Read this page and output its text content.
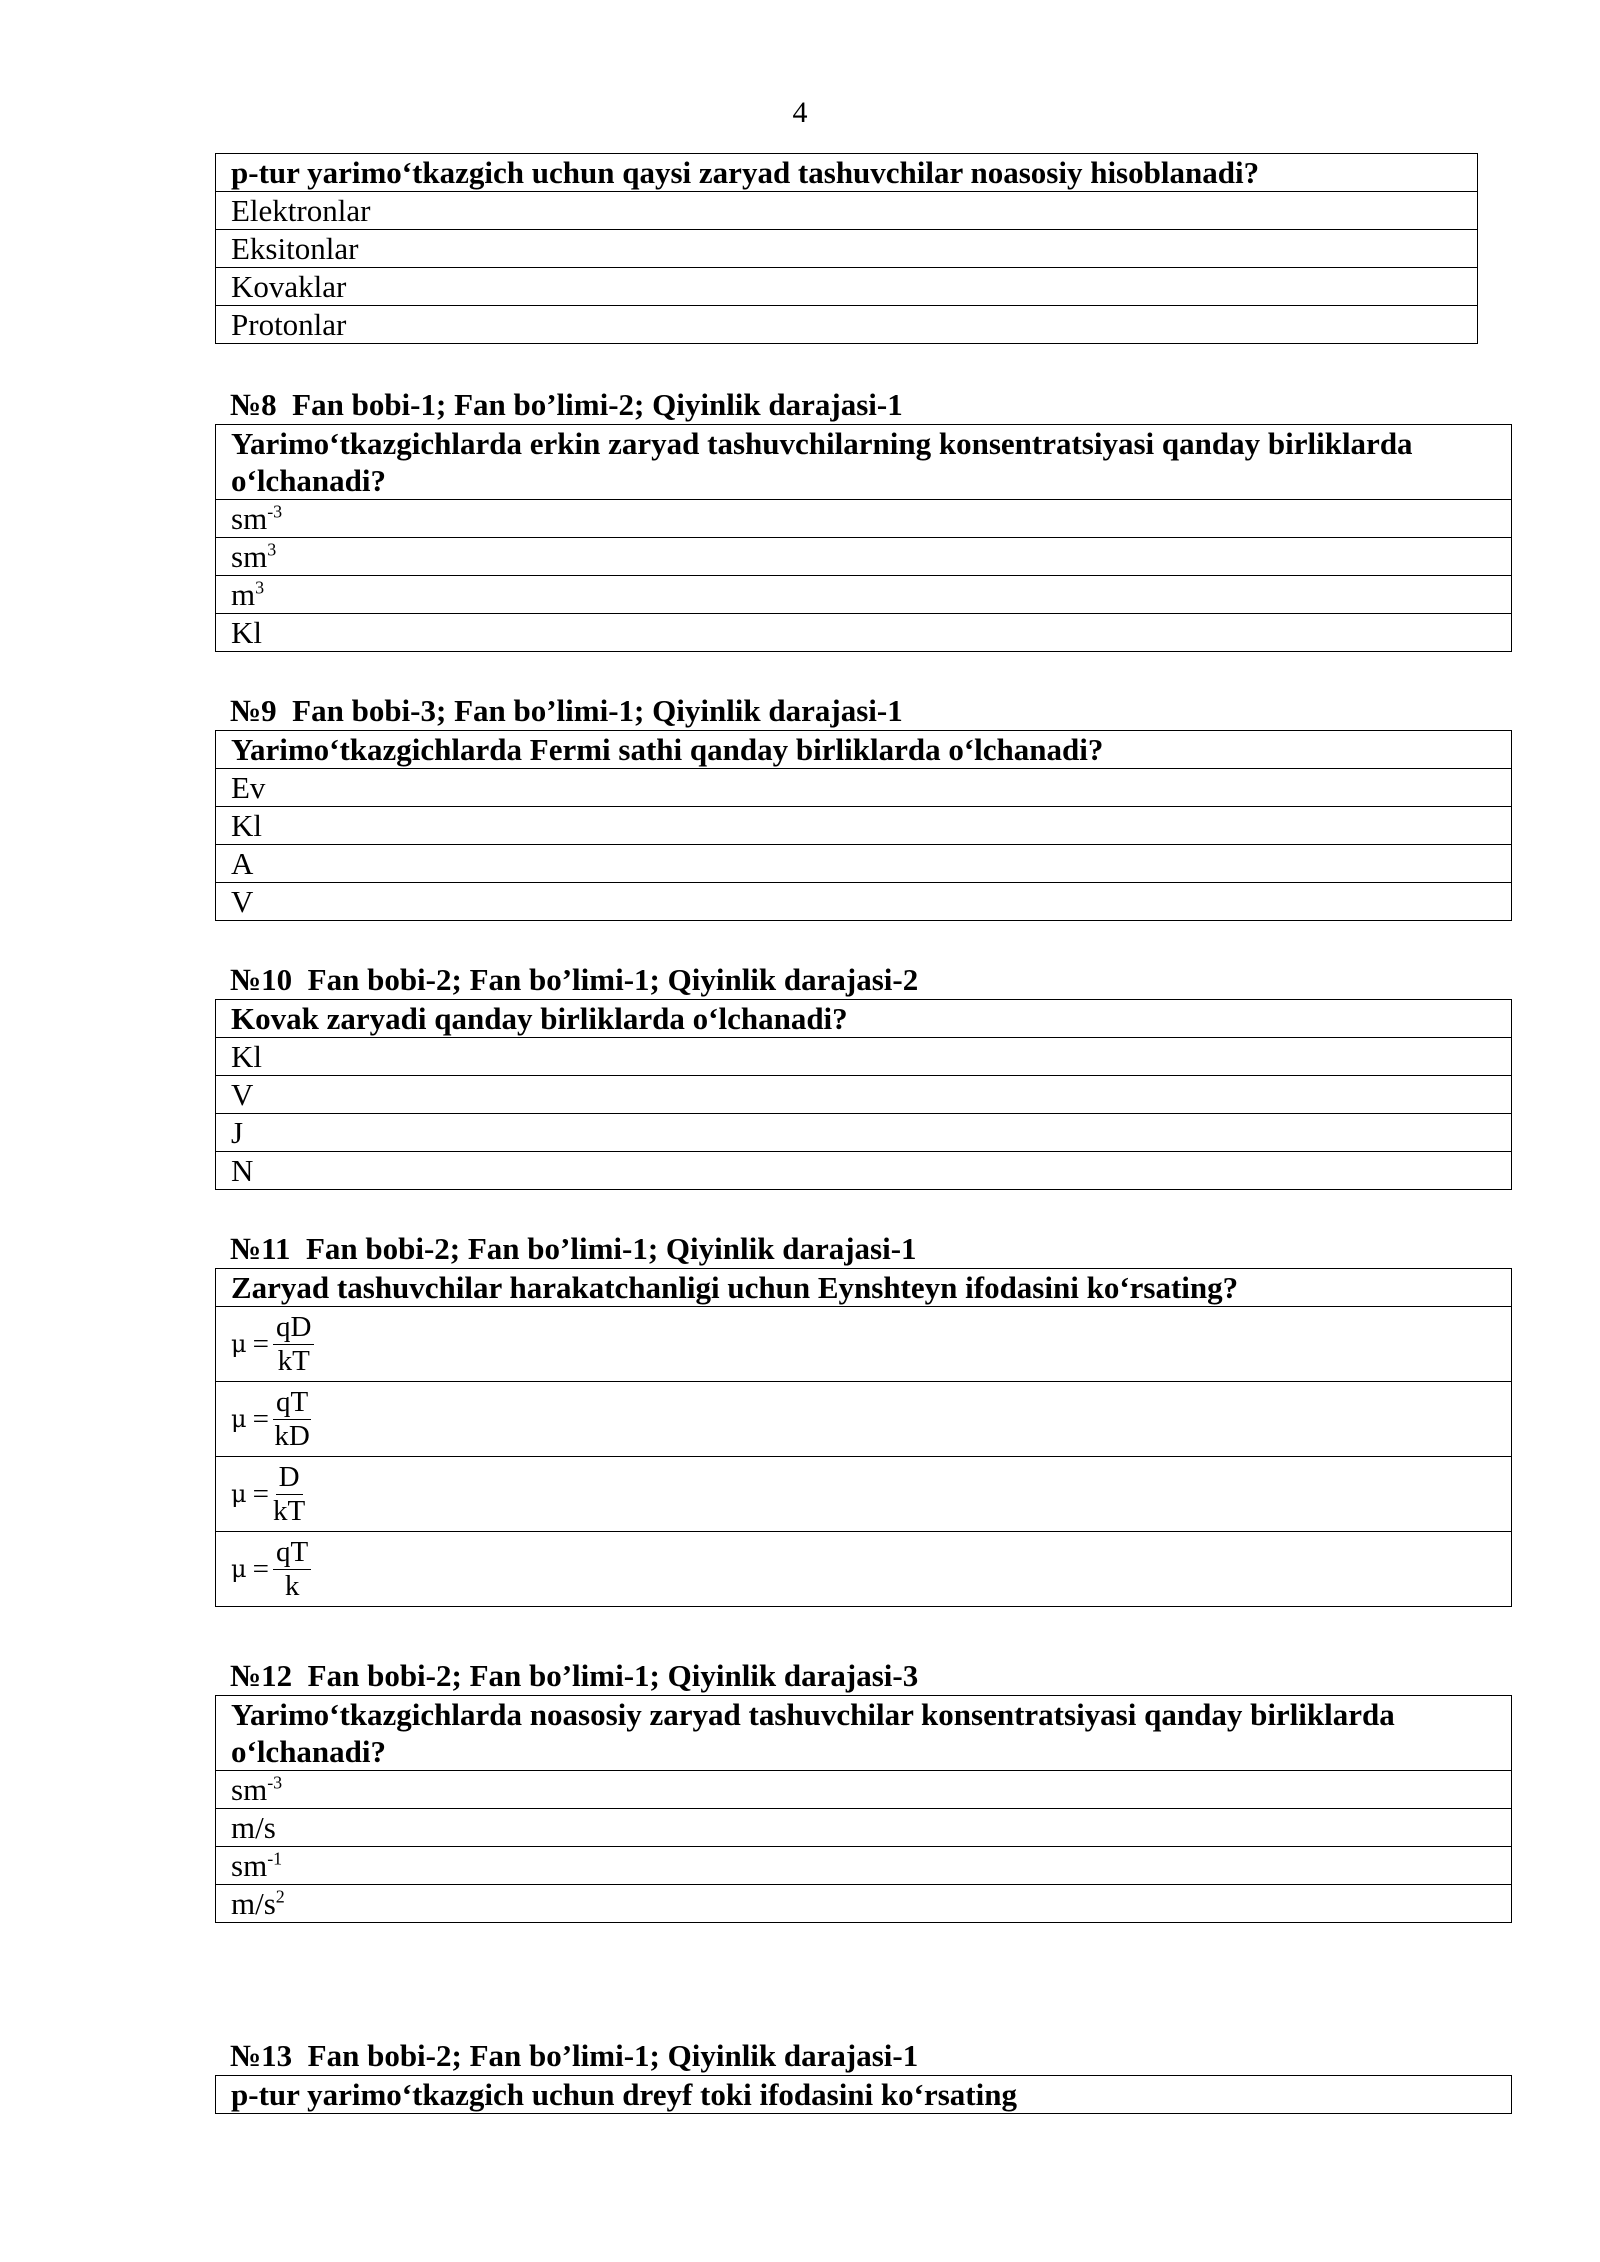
4
p-tur yarimo‘tkazgich uchun qaysi zaryad tashuvchilar noasosiy hisoblanadi?
Elektronlar
Eksitonlar
Kovaklar
Protonlar
№8  Fan bobi-1; Fan bo’limi-2; Qiyinlik darajasi-1
Yarimo‘tkazgichlarda erkin zaryad tashuvchilarning konsentratsiyasi qanday birliklarda o‘lchanadi?
$sm^{-3}$
$sm^3$
$m^3$
Kl
№9  Fan bobi-3; Fan bo’limi-1; Qiyinlik darajasi-1
Yarimo‘tkazgichlarda Fermi sathi qanday birliklarda o‘lchanadi?
Ev
Kl
A
V
№10  Fan bobi-2; Fan bo’limi-1; Qiyinlik darajasi-2
Kovak zaryadi qanday birliklarda o‘lchanadi?
Kl
V
J
N
№11  Fan bobi-2; Fan bo’limi-1; Qiyinlik darajasi-1
Zaryad tashuvchilar harakatchanligi uchun Eynshteyn ifodasini ko‘rsating?

$\mu = \frac{qD}{kT}$

$\mu = \frac{qT}{kD}$

$\mu = \frac{D}{kT}$

$\mu = \frac{qT}{k}$
№12  Fan bobi-2; Fan bo’limi-1; Qiyinlik darajasi-3
Yarimo‘tkazgichlarda noasosiy zaryad tashuvchilar konsentratsiyasi qanday birliklarda o‘lchanadi?
$sm^{-3}$
m/s
$sm^{-1}$
$m/s^2$
№13  Fan bobi-2; Fan bo’limi-1; Qiyinlik darajasi-1
p-tur yarimo‘tkazgich uchun dreyf toki ifodasini ko‘rsating
